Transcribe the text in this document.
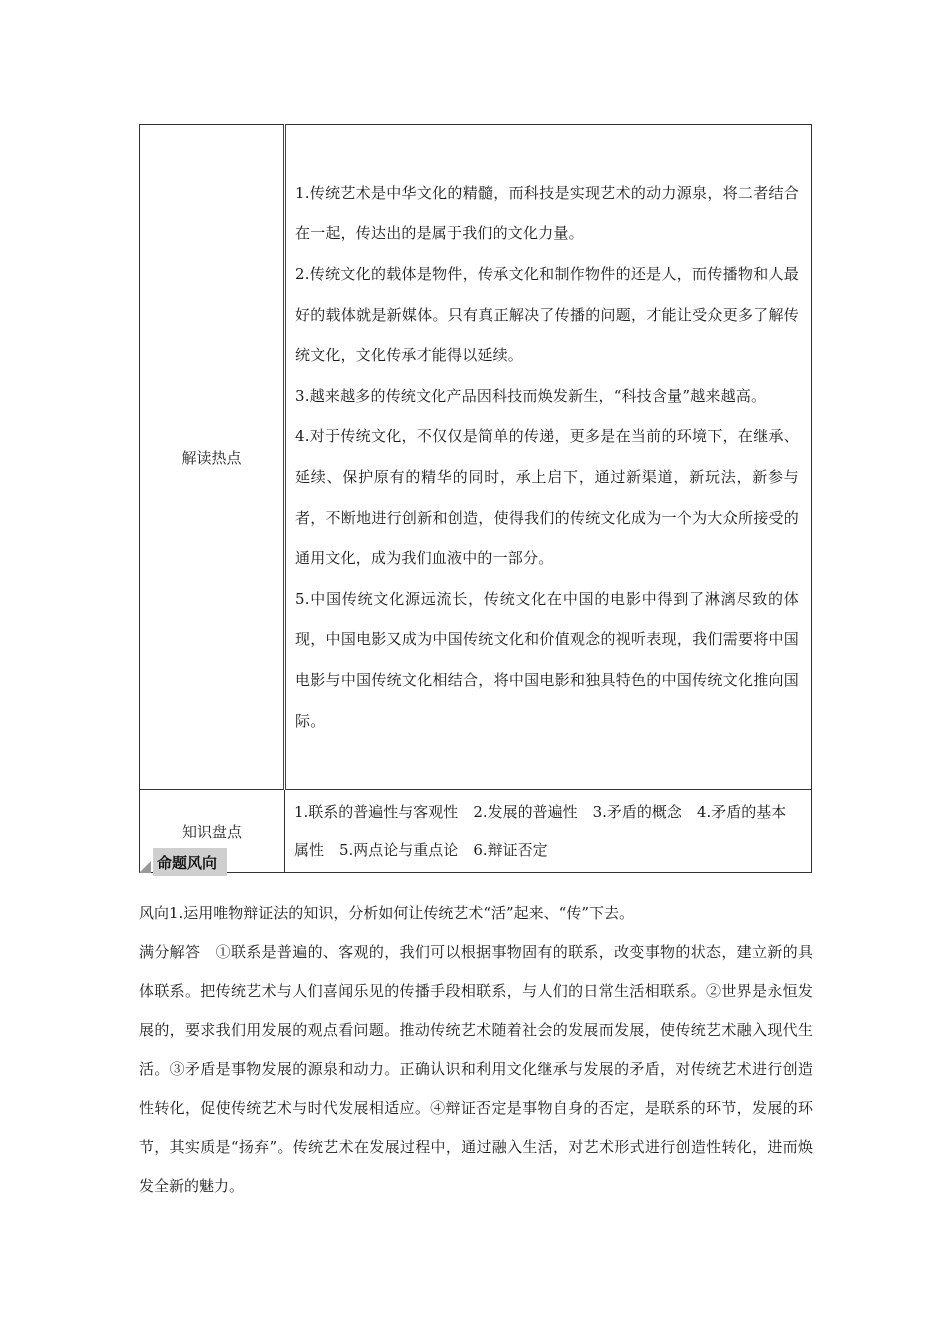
解读热点	1.传统艺术是中华文化的精髓，而科技是实现艺术的动力源泉，将二者结合在一起，传达出的是属于我们的文化力量。

2.传统文化的载体是物件，传承文化和制作物件的还是人，而传播物和人最好的载体就是新媒体。只有真正解决了传播的问题，才能让受众更多了解传统文化，文化传承才能得以延续。

3.越来越多的传统文化产品因科技而焕发新生，“科技含量”越来越高。

4.对于传统文化，不仅仅是简单的传递，更多是在当前的环境下，在继承、延续、保护原有的精华的同时，承上启下，通过新渠道，新玩法，新参与者，不断地进行创新和创造，使得我们的传统文化成为一个为大众所接受的通用文化，成为我们血液中的一部分。

5.中国传统文化源远流长，传统文化在中国的电影中得到了淋漓尽致的体现，中国电影又成为中国传统文化和价值观念的视听表现，我们需要将中国电影与中国传统文化相结合，将中国电影和独具特色的中国传统文化推向国际。

知识盘点	1.联系的普遍性与客观性　2.发展的普遍性　3.矛盾的概念　4.矛盾的基本属性　5.两点论与重点论　6.辩证否定
命题风向

风向1.运用唯物辩证法的知识，分析如何让传统艺术“活”起来、“传”下去。

满分解答　①联系是普遍的、客观的，我们可以根据事物固有的联系，改变事物的状态，建立新的具体联系。把传统艺术与人们喜闻乐见的传播手段相联系，与人们的日常生活相联系。②世界是永恒发展的，要求我们用发展的观点看问题。推动传统艺术随着社会的发展而发展，使传统艺术融入现代生活。③矛盾是事物发展的源泉和动力。正确认识和利用文化继承与发展的矛盾，对传统艺术进行创造性转化，促使传统艺术与时代发展相适应。④辩证否定是事物自身的否定，是联系的环节，发展的环节，其实质是“扬弃”。传统艺术在发展过程中，通过融入生活，对艺术形式进行创造性转化，进而焕发全新的魅力。
